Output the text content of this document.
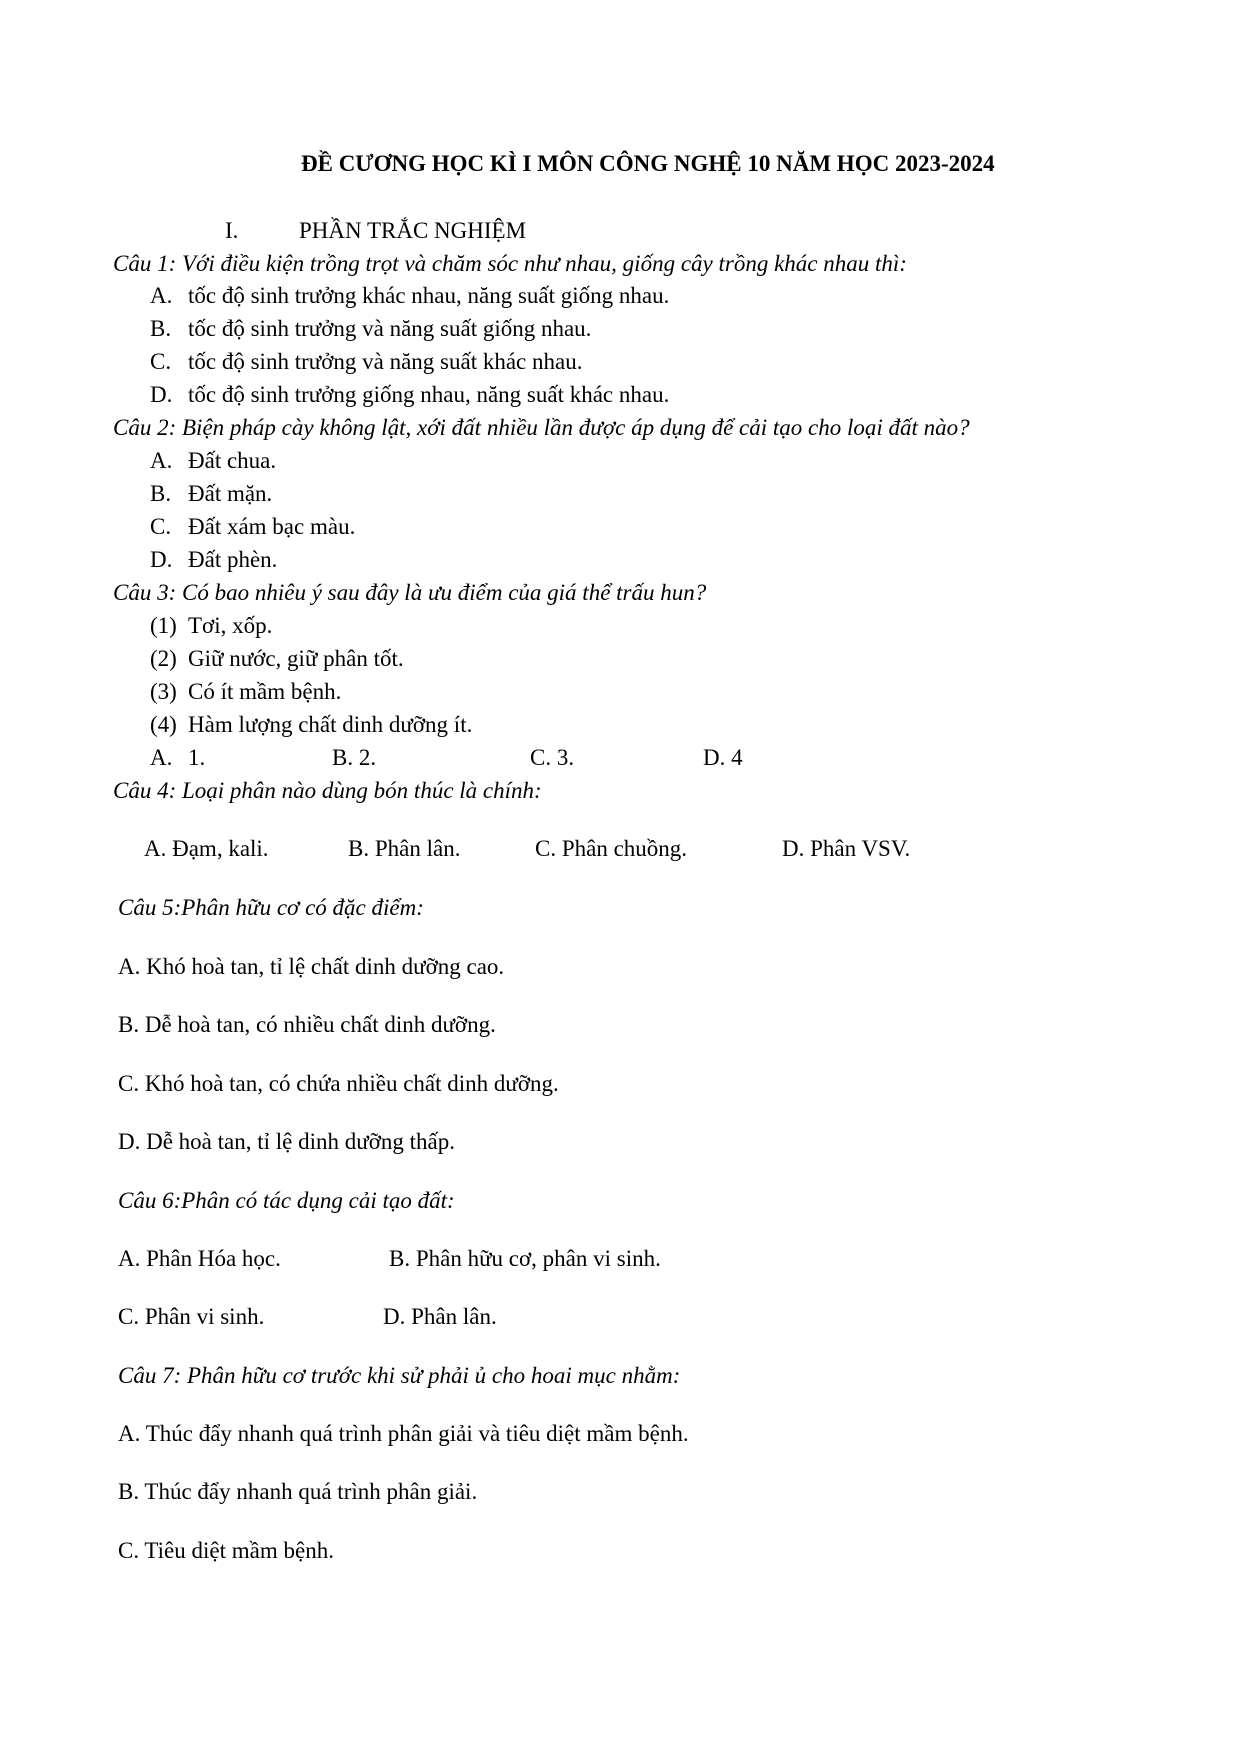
ĐỀ CƯƠNG HỌC KÌ I MÔN CÔNG NGHỆ 10 NĂM HỌC 2023-2024
I.	PHẦN TRẮC NGHIỆM
Câu 1: Với điều kiện trồng trọt và chăm sóc như nhau, giống cây trồng khác nhau thì:
A. tốc độ sinh trưởng khác nhau, năng suất giống nhau.
B. tốc độ sinh trưởng và năng suất giống nhau.
C. tốc độ sinh trưởng và năng suất khác nhau.
D. tốc độ sinh trưởng giống nhau, năng suất khác nhau.
Câu 2: Biện pháp cày không lật, xới đất nhiều lần được áp dụng để cải tạo cho loại đất nào?
A. Đất chua.
B. Đất mặn.
C. Đất xám bạc màu.
D. Đất phèn.
Câu 3: Có bao nhiêu ý sau đây là ưu điểm của giá thể trấu hun?
(1) Tơi, xốp.
(2) Giữ nước, giữ phân tốt.
(3) Có ít mầm bệnh.
(4) Hàm lượng chất dinh dưỡng ít.
A. 1.	B. 2.	C. 3.	D. 4
Câu 4: Loại phân nào dùng bón thúc là chính:
A. Đạm, kali.	B. Phân lân.	C. Phân chuồng.	D. Phân VSV.
Câu 5:Phân hữu cơ có đặc điểm:
A. Khó hoà tan, tỉ lệ chất dinh dưỡng cao.
B. Dễ hoà tan, có nhiều chất dinh dưỡng.
C. Khó hoà tan, có chứa nhiều chất dinh dưỡng.
D. Dễ hoà tan, tỉ lệ dinh dưỡng thấp.
Câu 6:Phân có tác dụng cải tạo đất:
A. Phân Hóa học.	B. Phân hữu cơ, phân vi sinh.
C. Phân vi sinh.	D. Phân lân.
Câu 7: Phân hữu cơ trước khi sử phải ủ cho hoai mục nhằm:
A. Thúc đẩy nhanh quá trình phân giải và tiêu diệt mầm bệnh.
B. Thúc đẩy nhanh quá trình phân giải.
C. Tiêu diệt mầm bệnh.
